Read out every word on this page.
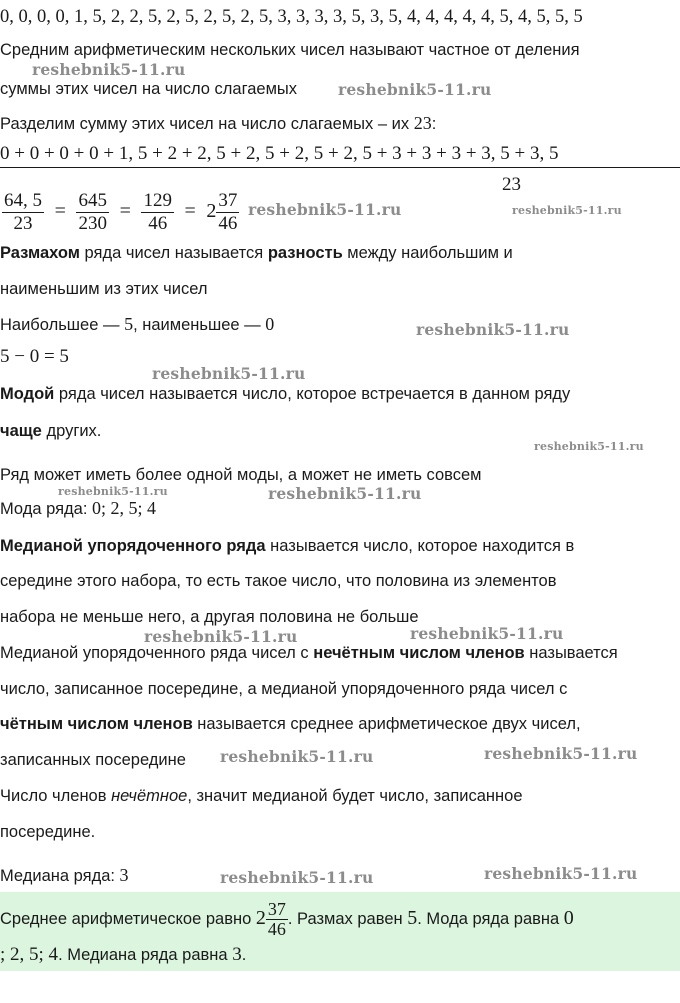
0, 0, 0, 0, 1, 5, 2, 2, 5, 2, 5, 2, 5, 2, 5, 3, 3, 3, 3, 5, 3, 5, 4, 4, 4, 4, 4, 5, 4, 5, 5, 5
Средним арифметическим нескольких чисел называют частное от деления
суммы этих чисел на число слагаемых
Разделим сумму этих чисел на число слагаемых – их 23:
0 + 0 + 0 + 0 + 1, 5 + 2 + 2, 5 + 2, 5 + 2, 5 + 2, 5 + 3 + 3 + 3 + 3, 5 + 3, 5
23
$\frac{64, 5}{23} = \frac{645}{230} = \frac{129}{46} = 2 \frac{37}{46}$
Размахом ряда чисел называется разность между наибольшим и
наименьшим из этих чисел
Наибольшее — 5, наименьшее — 0
5 − 0 = 5
Модой ряда чисел называется число, которое встречается в данном ряду
чаще других.
Ряд может иметь более одной моды, а может не иметь совсем
Мода ряда: 0; 2, 5; 4
Медианой упорядоченного ряда называется число, которое находится в
середине этого набора, то есть такое число, что половина из элементов
набора не меньше него, а другая половина не больше
Медианой упорядоченного ряда чисел с нечётным числом членов называется
число, записанное посередине, а медианой упорядоченного ряда чисел с
чётным числом членов называется среднее арифметическое двух чисел,
записанных посередине
Число членов нечётное, значит медианой будет число, записанное
посередине.
Медиана ряда: 3
Среднее арифметическое равно $2 \frac{37}{46}$ . Размах равен 5. Мода ряда равна 0
; 2, 5; 4. Медиана ряда равна 3.
reshebnik5-11.ru
reshebnik5-11.ru
reshebnik5-11.ru	reshebnik5-11.ru
reshebnik5-11.ru
reshebnik5-11.ru
reshebnik5-11.ru
reshebnik5-11.ru	reshebnik5-11.ru
reshebnik5-11.ru	reshebnik5-11.ru
reshebnik5-11.ru	reshebnik5-11.ru
reshebnik5-11.ru	reshebnik5-11.ru
